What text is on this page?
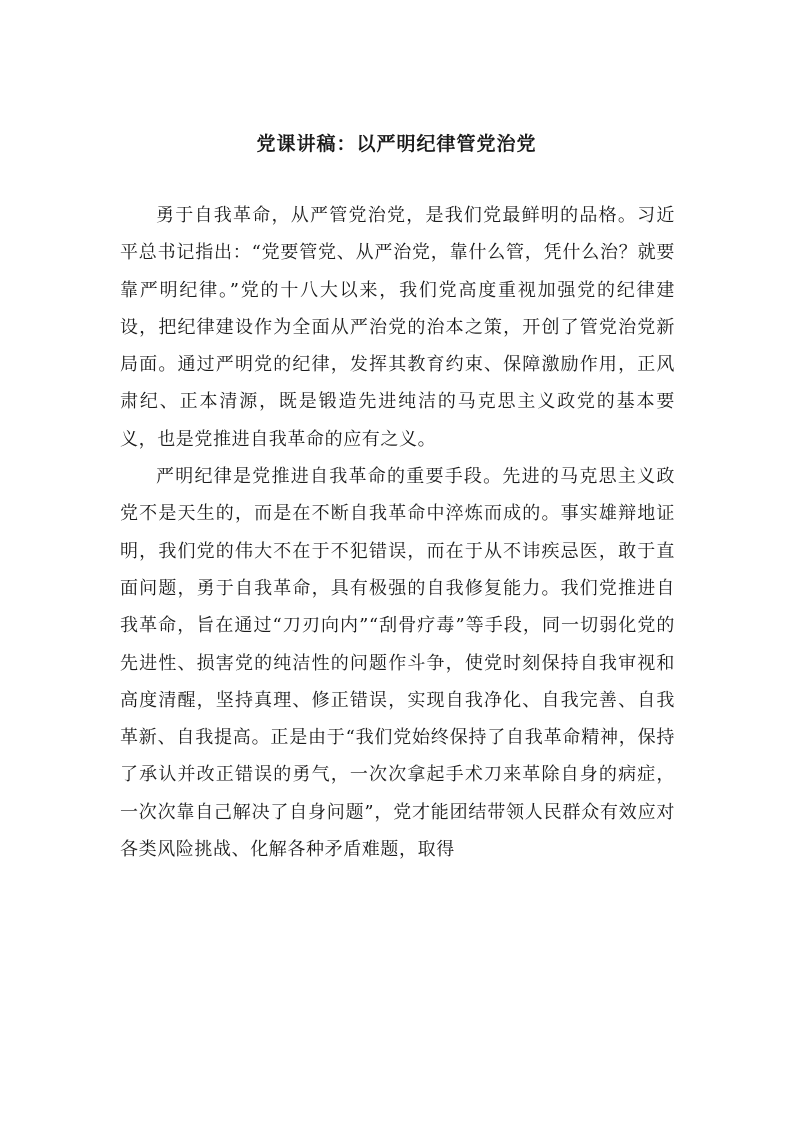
党课讲稿：以严明纪律管党治党

勇于自我革命，从严管党治党，是我们党最鲜明的品格。习近平总书记指出：“党要管党、从严治党，靠什么管，凭什么治？就要靠严明纪律。”党的十八大以来，我们党高度重视加强党的纪律建设，把纪律建设作为全面从严治党的治本之策，开创了管党治党新局面。通过严明党的纪律，发挥其教育约束、保障激励作用，正风肃纪、正本清源，既是锻造先进纯洁的马克思主义政党的基本要义，也是党推进自我革命的应有之义。

严明纪律是党推进自我革命的重要手段。先进的马克思主义政党不是天生的，而是在不断自我革命中淬炼而成的。事实雄辩地证明，我们党的伟大不在于不犯错误，而在于从不讳疾忌医，敢于直面问题，勇于自我革命，具有极强的自我修复能力。我们党推进自我革命，旨在通过“刀刃向内”“刮骨疗毒”等手段，同一切弱化党的先进性、损害党的纯洁性的问题作斗争，使党时刻保持自我审视和高度清醒，坚持真理、修正错误，实现自我净化、自我完善、自我革新、自我提高。正是由于“我们党始终保持了自我革命精神，保持了承认并改正错误的勇气，一次次拿起手术刀来革除自身的病症，一次次靠自己解决了自身问题”，党才能团结带领人民群众有效应对各类风险挑战、化解各种矛盾难题，取得
